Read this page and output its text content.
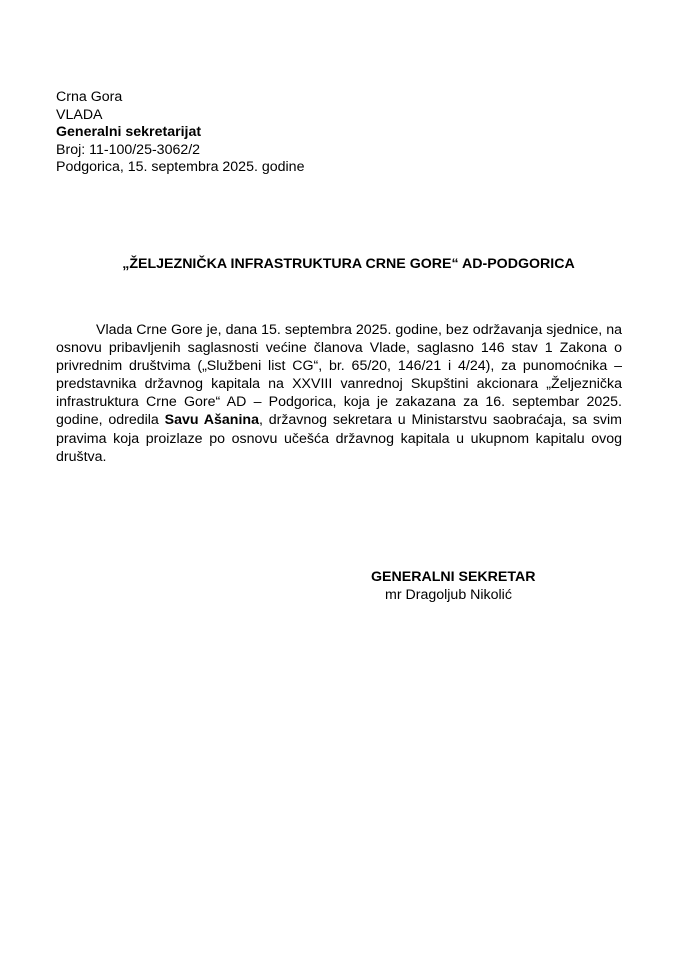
Crna Gora
VLADA
Generalni sekretarijat
Broj: 11-100/25-3062/2
Podgorica, 15. septembra 2025. godine
„ŽELJEZNIČKA INFRASTRUKTURA CRNE GORE“ AD-PODGORICA
Vlada Crne Gore je, dana 15. septembra 2025. godine, bez održavanja sjednice, na osnovu pribavljenih saglasnosti većine članova Vlade, saglasno 146 stav 1 Zakona o privrednim društvima („Službeni list CG“, br. 65/20, 146/21 i 4/24), za punomoćnika – predstavnika državnog kapitala na XXVIII vanrednoj Skupštini akcionara „Željeznička infrastruktura Crne Gore“ AD – Podgorica, koja je zakazana za 16. septembar 2025. godine, odredila Savu Ašanina, državnog sekretara u Ministarstvu saobraćaja, sa svim pravima koja proizlaze po osnovu učešća državnog kapitala u ukupnom kapitalu ovog društva.
GENERALNI SEKRETAR
mr Dragoljub Nikolić
